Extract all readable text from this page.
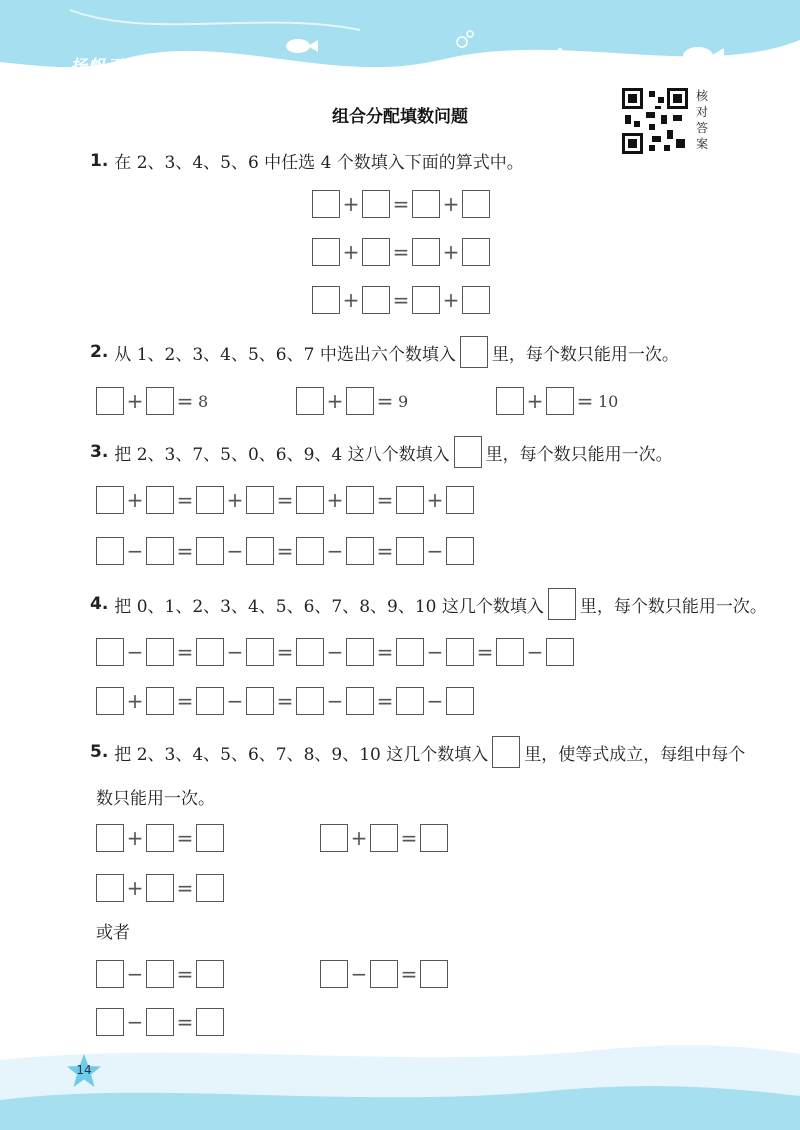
扬帆天天练
组合分配填数问题
核
对
答
案
1. 在 2、3、4、5、6 中任选 4 个数填入下面的算式中。
+ = +
+ = +
+ = +
2. 从 1、2、3、4、5、6、7 中选出六个数填入 里，每个数只能用一次。
+ = 8	+ = 9	+ = 10
3. 把 2、3、7、5、0、6、9、4 这八个数填入 里，每个数只能用一次。
+ = + = + = +
− = − = − = −
4. 把 0、1、2、3、4、5、6、7、8、9、10 这几个数填入 里，每个数只能用一次。
− = − = − = − = −
+ = − = − = −
5. 把 2、3、4、5、6、7、8、9、10 这几个数填入 里，使等式成立，每组中每个
数只能用一次。
+ =	+ =
+ =
或者
− =	− =
− =
14
